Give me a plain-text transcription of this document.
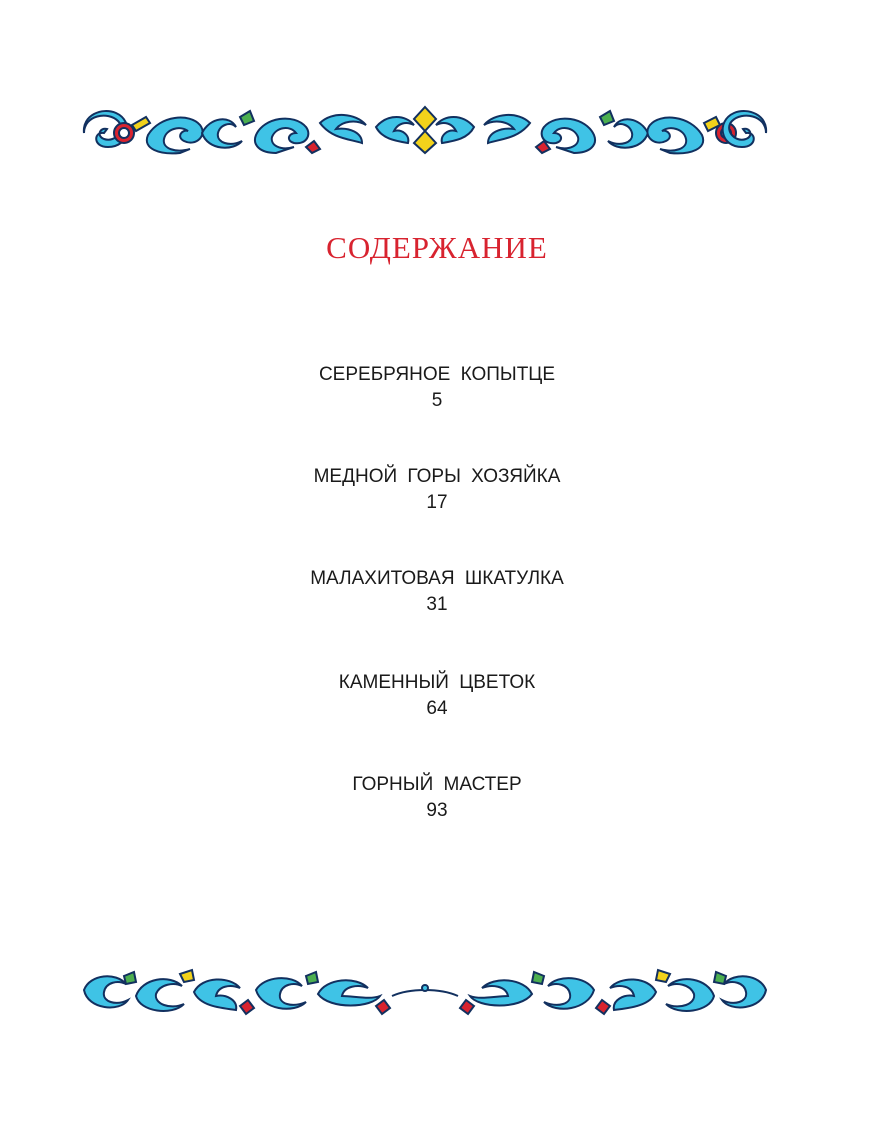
СОДЕРЖАНИЕ
СЕРЕБРЯНОЕ КОПЫТЦЕ
5
МЕДНОЙ ГОРЫ ХОЗЯЙКА
17
МАЛАХИТОВАЯ ШКАТУЛКА
31
КАМЕННЫЙ ЦВЕТОК
64
ГОРНЫЙ МАСТЕР
93
